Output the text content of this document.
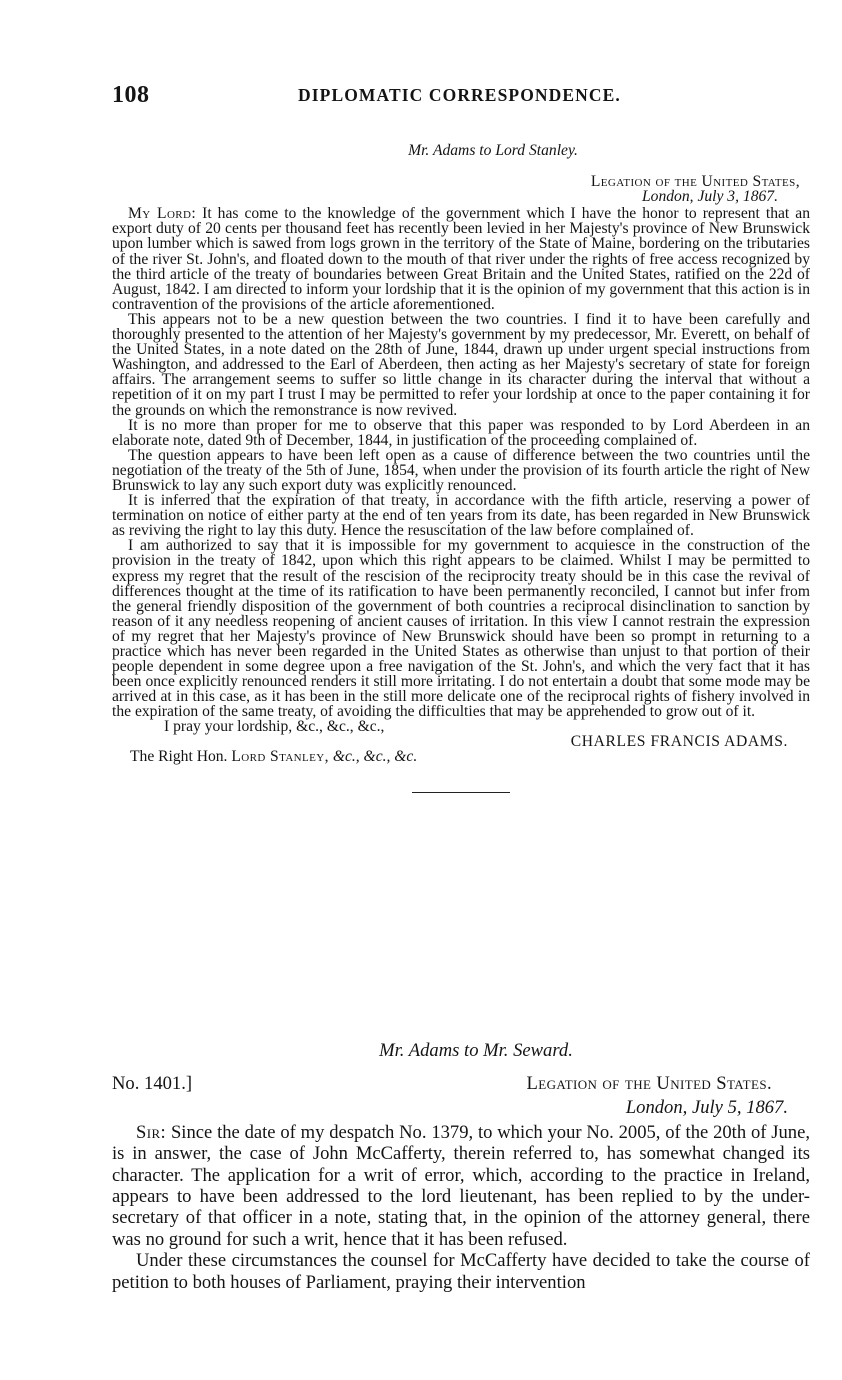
108	DIPLOMATIC CORRESPONDENCE.
Mr. Adams to Lord Stanley.
Legation of the United States,
London, July 3, 1867.

My Lord: It has come to the knowledge of the government which I have the honor to represent that an export duty of 20 cents per thousand feet has recently been levied in her Majesty's province of New Brunswick upon lumber which is sawed from logs grown in the territory of the State of Maine, bordering on the tributaries of the river St. John's, and floated down to the mouth of that river under the rights of free access recognized by the third article of the treaty of boundaries between Great Britain and the United States, ratified on the 22d of August, 1842. I am directed to inform your lordship that it is the opinion of my government that this action is in contravention of the provisions of the article aforementioned.

This appears not to be a new question between the two countries. I find it to have been carefully and thoroughly presented to the attention of her Majesty's government by my predecessor, Mr. Everett, on behalf of the United States, in a note dated on the 28th of June, 1844, drawn up under urgent special instructions from Washington, and addressed to the Earl of Aberdeen, then acting as her Majesty's secretary of state for foreign affairs. The arrangement seems to suffer so little change in its character during the interval that without a repetition of it on my part I trust I may be permitted to refer your lordship at once to the paper containing it for the grounds on which the remonstrance is now revived.

It is no more than proper for me to observe that this paper was responded to by Lord Aberdeen in an elaborate note, dated 9th of December, 1844, in justification of the proceeding complained of.

The question appears to have been left open as a cause of difference between the two countries until the negotiation of the treaty of the 5th of June, 1854, when under the provision of its fourth article the right of New Brunswick to lay any such export duty was explicitly renounced.

It is inferred that the expiration of that treaty, in accordance with the fifth article, reserving a power of termination on notice of either party at the end of ten years from its date, has been regarded in New Brunswick as reviving the right to lay this duty. Hence the resuscitation of the law before complained of.

I am authorized to say that it is impossible for my government to acquiesce in the construction of the provision in the treaty of 1842, upon which this right appears to be claimed. Whilst I may be permitted to express my regret that the result of the rescision of the reciprocity treaty should be in this case the revival of differences thought at the time of its ratification to have been permanently reconciled, I cannot but infer from the general friendly disposition of the government of both countries a reciprocal disinclination to sanction by reason of it any needless reopening of ancient causes of irritation. In this view I cannot restrain the expression of my regret that her Majesty's province of New Brunswick should have been so prompt in returning to a practice which has never been regarded in the United States as otherwise than unjust to that portion of their people dependent in some degree upon a free navigation of the St. John's, and which the very fact that it has been once explicitly renounced renders it still more irritating. I do not entertain a doubt that some mode may be arrived at in this case, as it has been in the still more delicate one of the reciprocal rights of fishery involved in the expiration of the same treaty, of avoiding the difficulties that may be apprehended to grow out of it.

I pray your lordship, &c., &c., &c.,
CHARLES FRANCIS ADAMS.
The Right Hon. Lord Stanley, &c., &c., &c.
Mr. Adams to Mr. Seward.
No. 1401.]	Legation of the United States.
London, July 5, 1867.

Sir: Since the date of my despatch No. 1379, to which your No. 2005, of the 20th of June, is in answer, the case of John McCafferty, therein referred to, has somewhat changed its character. The application for a writ of error, which, according to the practice in Ireland, appears to have been addressed to the lord lieutenant, has been replied to by the under-secretary of that officer in a note, stating that, in the opinion of the attorney general, there was no ground for such a writ, hence that it has been refused.

Under these circumstances the counsel for McCafferty have decided to take the course of petition to both houses of Parliament, praying their intervention
